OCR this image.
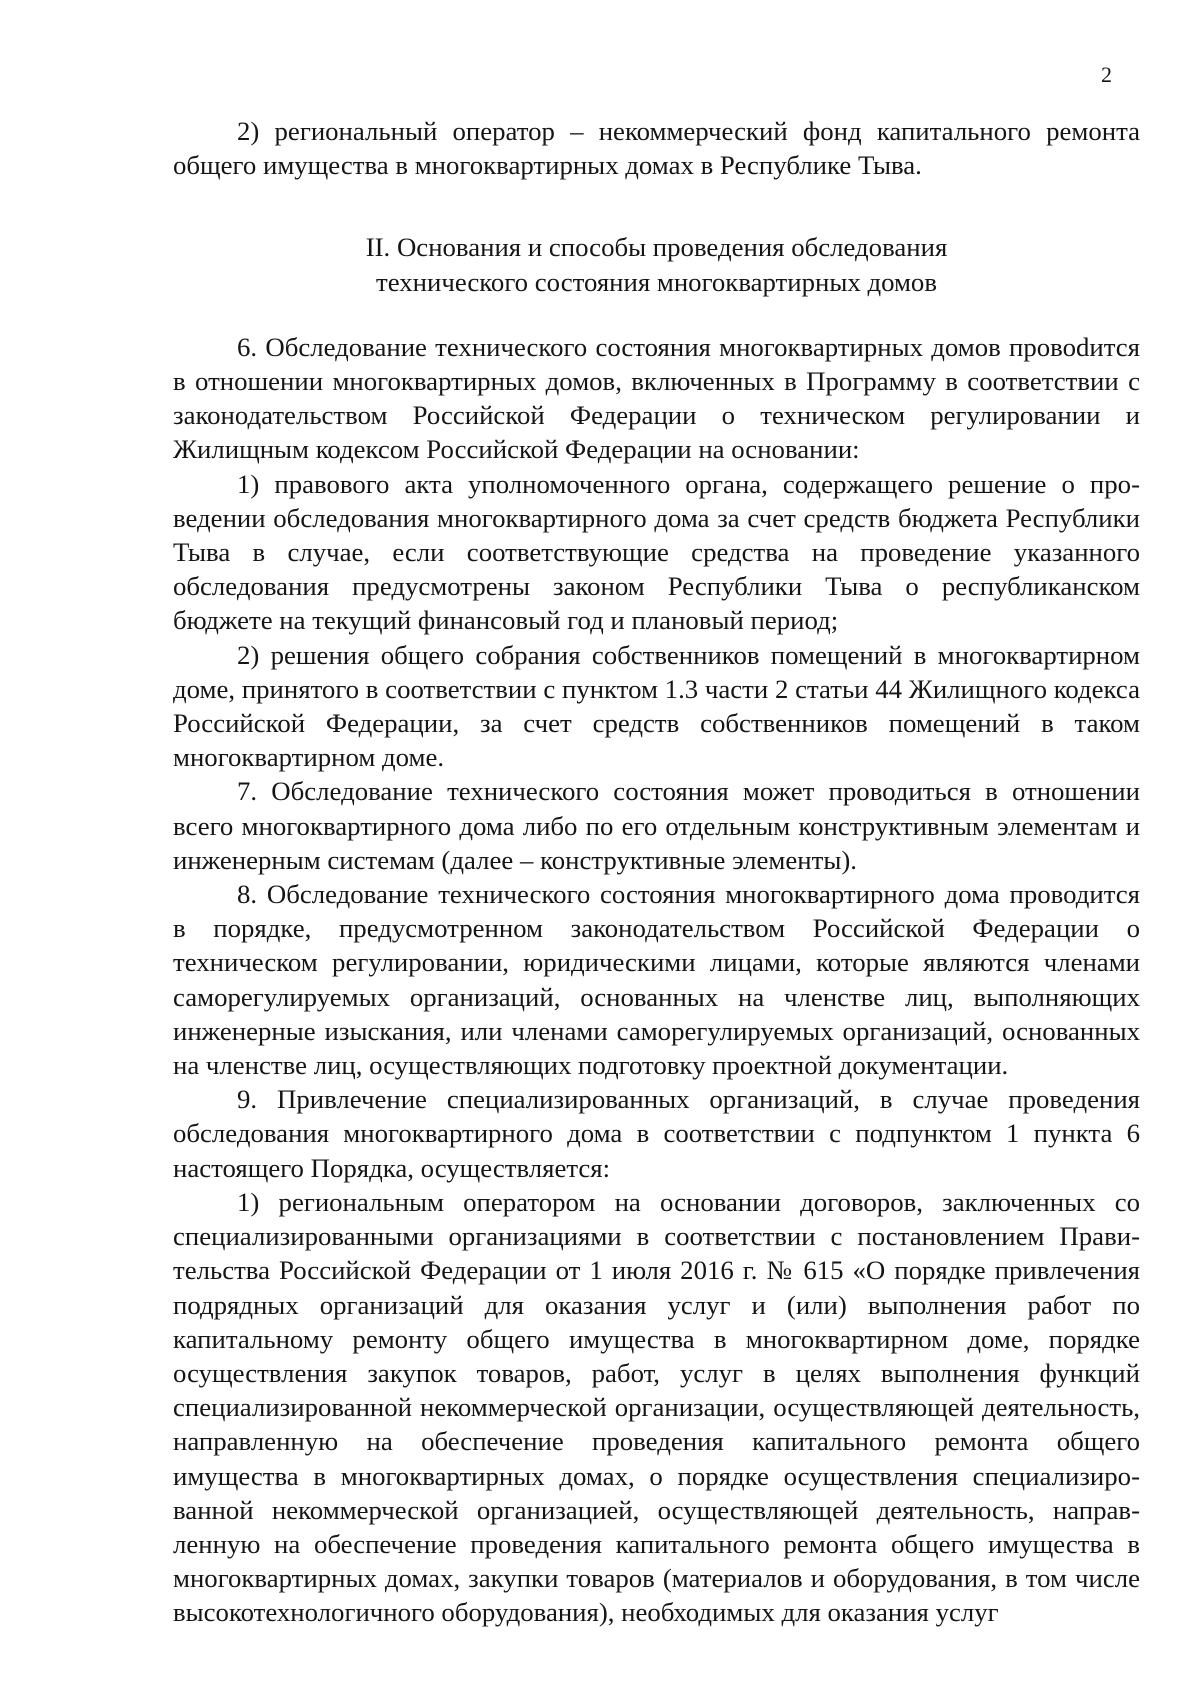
2

2) региональный оператор – некоммерческий фонд капитального ремонта общего имущества в многоквартирных домах в Республике Тыва.

II. Основания и способы проведения обследования
технического состояния многоквартирных домов

6. Обследование технического состояния многоквартирных домов провоdится в отношении многоквартирных домов, включенных в Программу в соответствии с законодательством Российской Федерации о техническом регулировании и Жилищным кодексом Российской Федерации на основании:

1) правового акта уполномоченного органа, содержащего решение о проведении обследования многоквартирного дома за счет средств бюджета Республики Тыва в случае, если соответствующие средства на проведение указанного обследования предусмотрены законом Республики Тыва о республиканском бюджете на текущий финансовый год и плановый период;

2) решения общего собрания собственников помещений в многоквартирном доме, принятого в соответствии с пунктом 1.3 части 2 статьи 44 Жилищного кодекса Российской Федерации, за счет средств собственников помещений в таком многоквартирном доме.

7. Обследование технического состояния может проводиться в отношении всего многоквартирного дома либо по его отдельным конструктивным элементам и инженерным системам (далее – конструктивные элементы).

8. Обследование технического состояния многоквартирного дома проводится в порядке, предусмотренном законодательством Российской Федерации о техническом регулировании, юридическими лицами, которые являются членами саморегулируемых организаций, основанных на членстве лиц, выполняющих инженерные изыскания, или членами саморегулируемых организаций, основанных на членстве лиц, осуществляющих подготовку проектной документации.

9. Привлечение специализированных организаций, в случае проведения обследования многоквартирного дома в соответствии с подпунктом 1 пункта 6 настоящего Порядка, осуществляется:

1) региональным оператором на основании договоров, заключенных со специализированными организациями в соответствии с постановлением Правительства Российской Федерации от 1 июля 2016 г. № 615 «О порядке привлечения подрядных организаций для оказания услуг и (или) выполнения работ по капитальному ремонту общего имущества в многоквартирном доме, порядке осуществления закупок товаров, работ, услуг в целях выполнения функций специализированной некоммерческой организации, осуществляющей деятельность, направленную на обеспечение проведения капитального ремонта общего имущества в многоквартирных домах, о порядке осуществления специализированной некоммерческой организацией, осуществляющей деятельность, направленную на обеспечение проведения капитального ремонта общего имущества в многоквартирных домах, закупки товаров (материалов и оборудования, в том числе высокотехнологичного оборудования), необходимых для оказания услуг
